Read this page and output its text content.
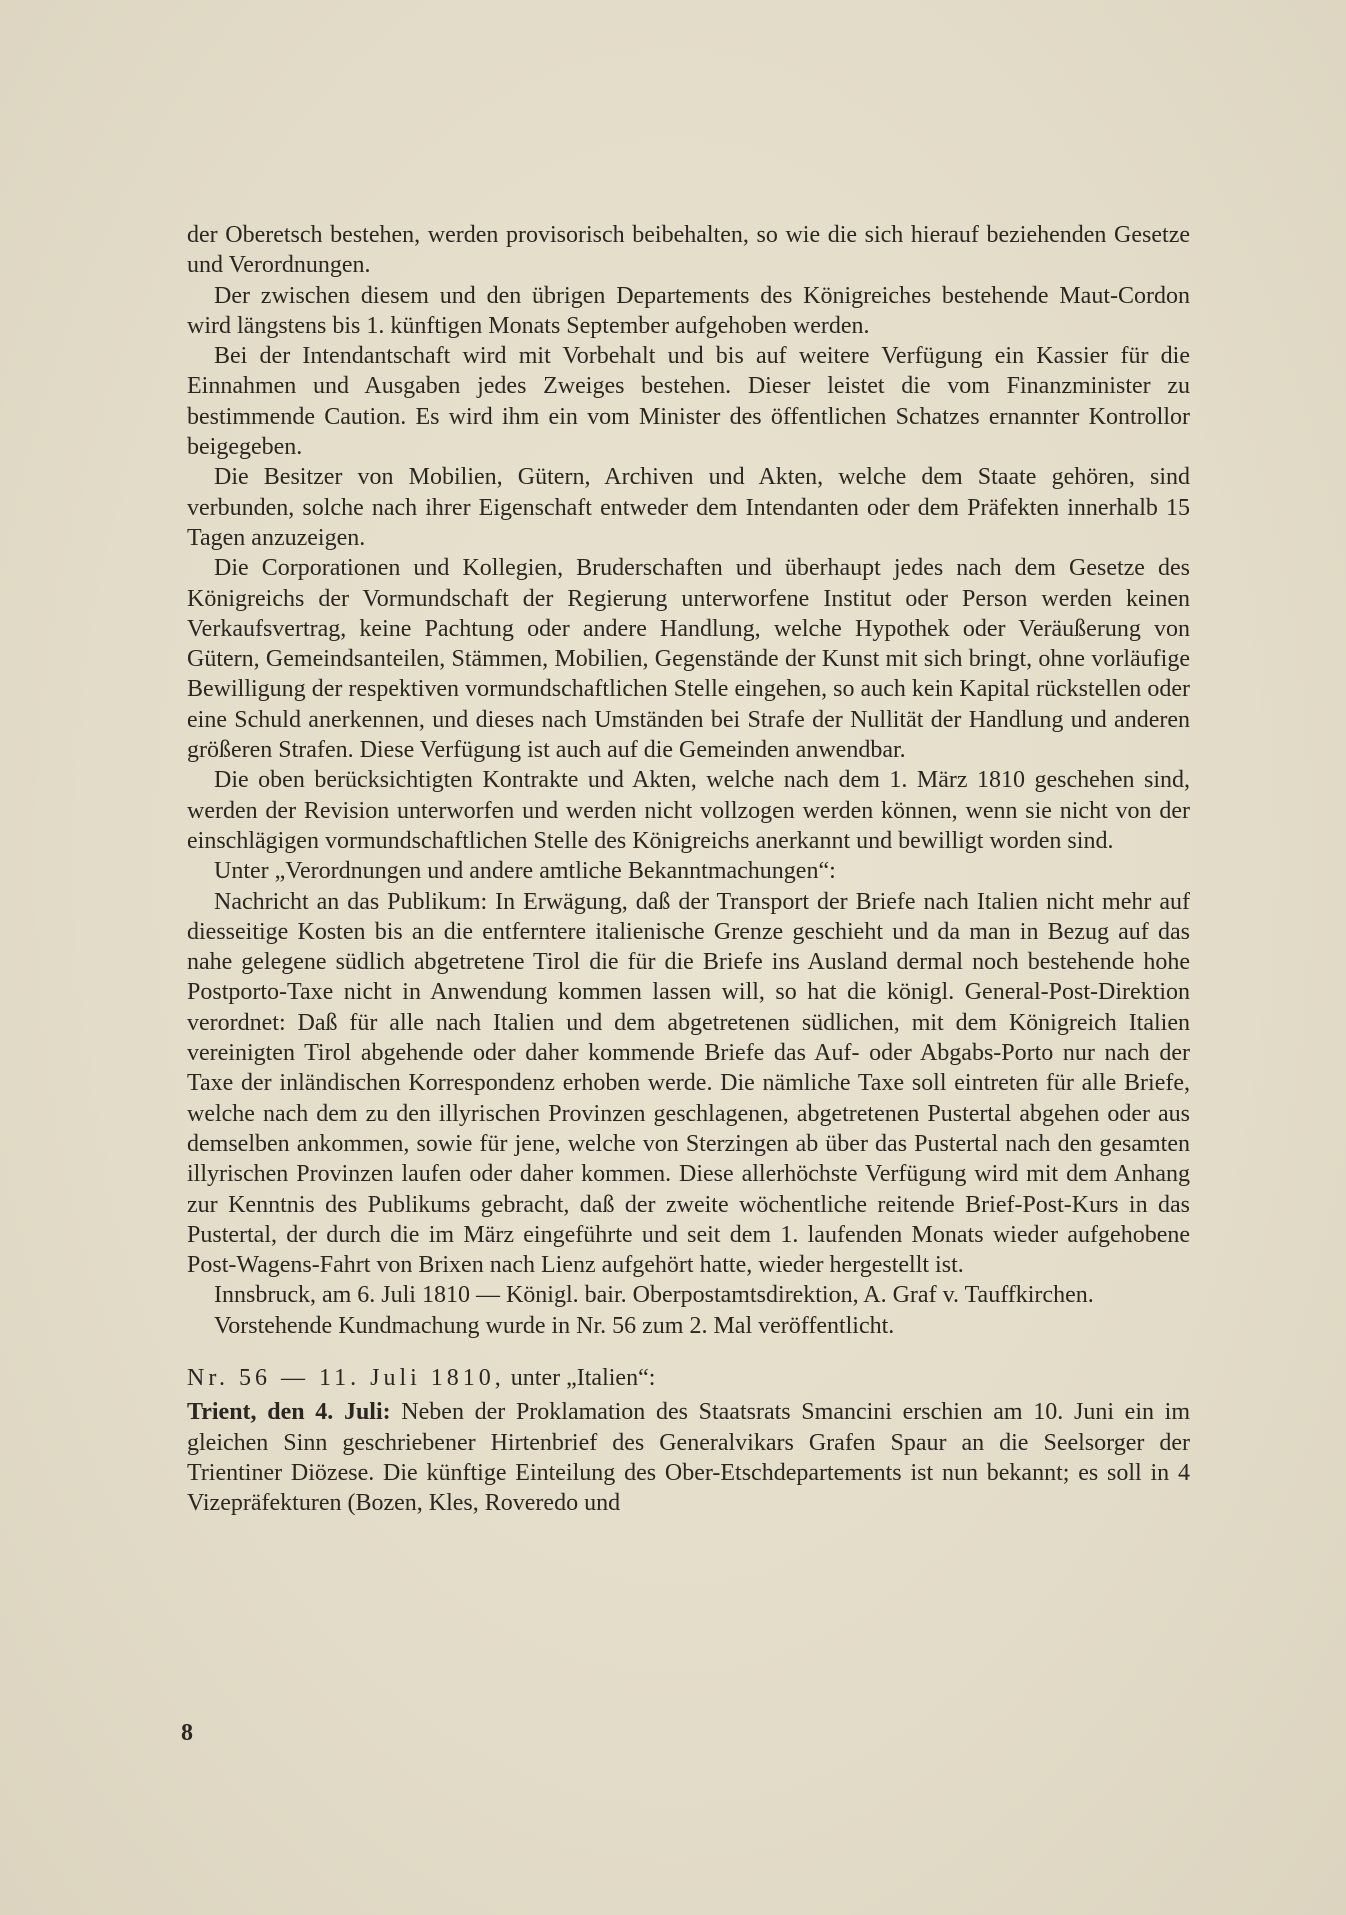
der Oberetsch bestehen, werden provisorisch beibehalten, so wie die sich hierauf beziehenden Gesetze und Verordnungen.

Der zwischen diesem und den übrigen Departements des Königreiches bestehende Maut-Cordon wird längstens bis 1. künftigen Monats September aufgehoben werden.

Bei der Intendantschaft wird mit Vorbehalt und bis auf weitere Verfügung ein Kassier für die Einnahmen und Ausgaben jedes Zweiges bestehen. Dieser leistet die vom Finanzminister zu bestimmende Caution. Es wird ihm ein vom Minister des öffentlichen Schatzes ernannter Kontrollor beigegeben.

Die Besitzer von Mobilien, Gütern, Archiven und Akten, welche dem Staate gehören, sind verbunden, solche nach ihrer Eigenschaft entweder dem Intendanten oder dem Präfekten innerhalb 15 Tagen anzuzeigen.

Die Corporationen und Kollegien, Bruderschaften und überhaupt jedes nach dem Gesetze des Königreichs der Vormundschaft der Regierung unterworfene Institut oder Person werden keinen Verkaufsvertrag, keine Pachtung oder andere Handlung, welche Hypothek oder Veräußerung von Gütern, Gemeindsanteilen, Stämmen, Mobilien, Gegenstände der Kunst mit sich bringt, ohne vorläufige Bewilligung der respektiven vormundschaftlichen Stelle eingehen, so auch kein Kapital rückstellen oder eine Schuld anerkennen, und dieses nach Umständen bei Strafe der Nullität der Handlung und anderen größeren Strafen. Diese Verfügung ist auch auf die Gemeinden anwendbar.

Die oben berücksichtigten Kontrakte und Akten, welche nach dem 1. März 1810 geschehen sind, werden der Revision unterworfen und werden nicht vollzogen werden können, wenn sie nicht von der einschlägigen vormundschaftlichen Stelle des Königreichs anerkannt und bewilligt worden sind.

Unter „Verordnungen und andere amtliche Bekanntmachungen“:

Nachricht an das Publikum: In Erwägung, daß der Transport der Briefe nach Italien nicht mehr auf diesseitige Kosten bis an die entferntere italienische Grenze geschieht und da man in Bezug auf das nahe gelegene südlich abgetretene Tirol die für die Briefe ins Ausland dermal noch bestehende hohe Postporto-Taxe nicht in Anwendung kommen lassen will, so hat die königl. General-Post-Direktion verordnet: Daß für alle nach Italien und dem abgetretenen südlichen, mit dem Königreich Italien vereinigten Tirol abgehende oder daher kommende Briefe das Auf- oder Abgabs-Porto nur nach der Taxe der inländischen Korrespondenz erhoben werde. Die nämliche Taxe soll eintreten für alle Briefe, welche nach dem zu den illyrischen Provinzen geschlagenen, abgetretenen Pustertal abgehen oder aus demselben ankommen, sowie für jene, welche von Sterzingen ab über das Pustertal nach den gesamten illyrischen Provinzen laufen oder daher kommen. Diese allerhöchste Verfügung wird mit dem Anhang zur Kenntnis des Publikums gebracht, daß der zweite wöchentliche reitende Brief-Post-Kurs in das Pustertal, der durch die im März eingeführte und seit dem 1. laufenden Monats wieder aufgehobene Post-Wagens-Fahrt von Brixen nach Lienz aufgehört hatte, wieder hergestellt ist.

Innsbruck, am 6. Juli 1810 — Königl. bair. Oberpostamtsdirektion, A. Graf v. Tauffkirchen.

Vorstehende Kundmachung wurde in Nr. 56 zum 2. Mal veröffentlicht.

Nr. 56 — 11. Juli 1810, unter „Italien“:

Trient, den 4. Juli: Neben der Proklamation des Staatsrats Smancini erschien am 10. Juni ein im gleichen Sinn geschriebener Hirtenbrief des Generalvikars Grafen Spaur an die Seelsorger der Trientiner Diözese. Die künftige Einteilung des Ober-Etschdepartements ist nun bekannt; es soll in 4 Vizepräfekturen (Bozen, Kles, Roveredo und

8
